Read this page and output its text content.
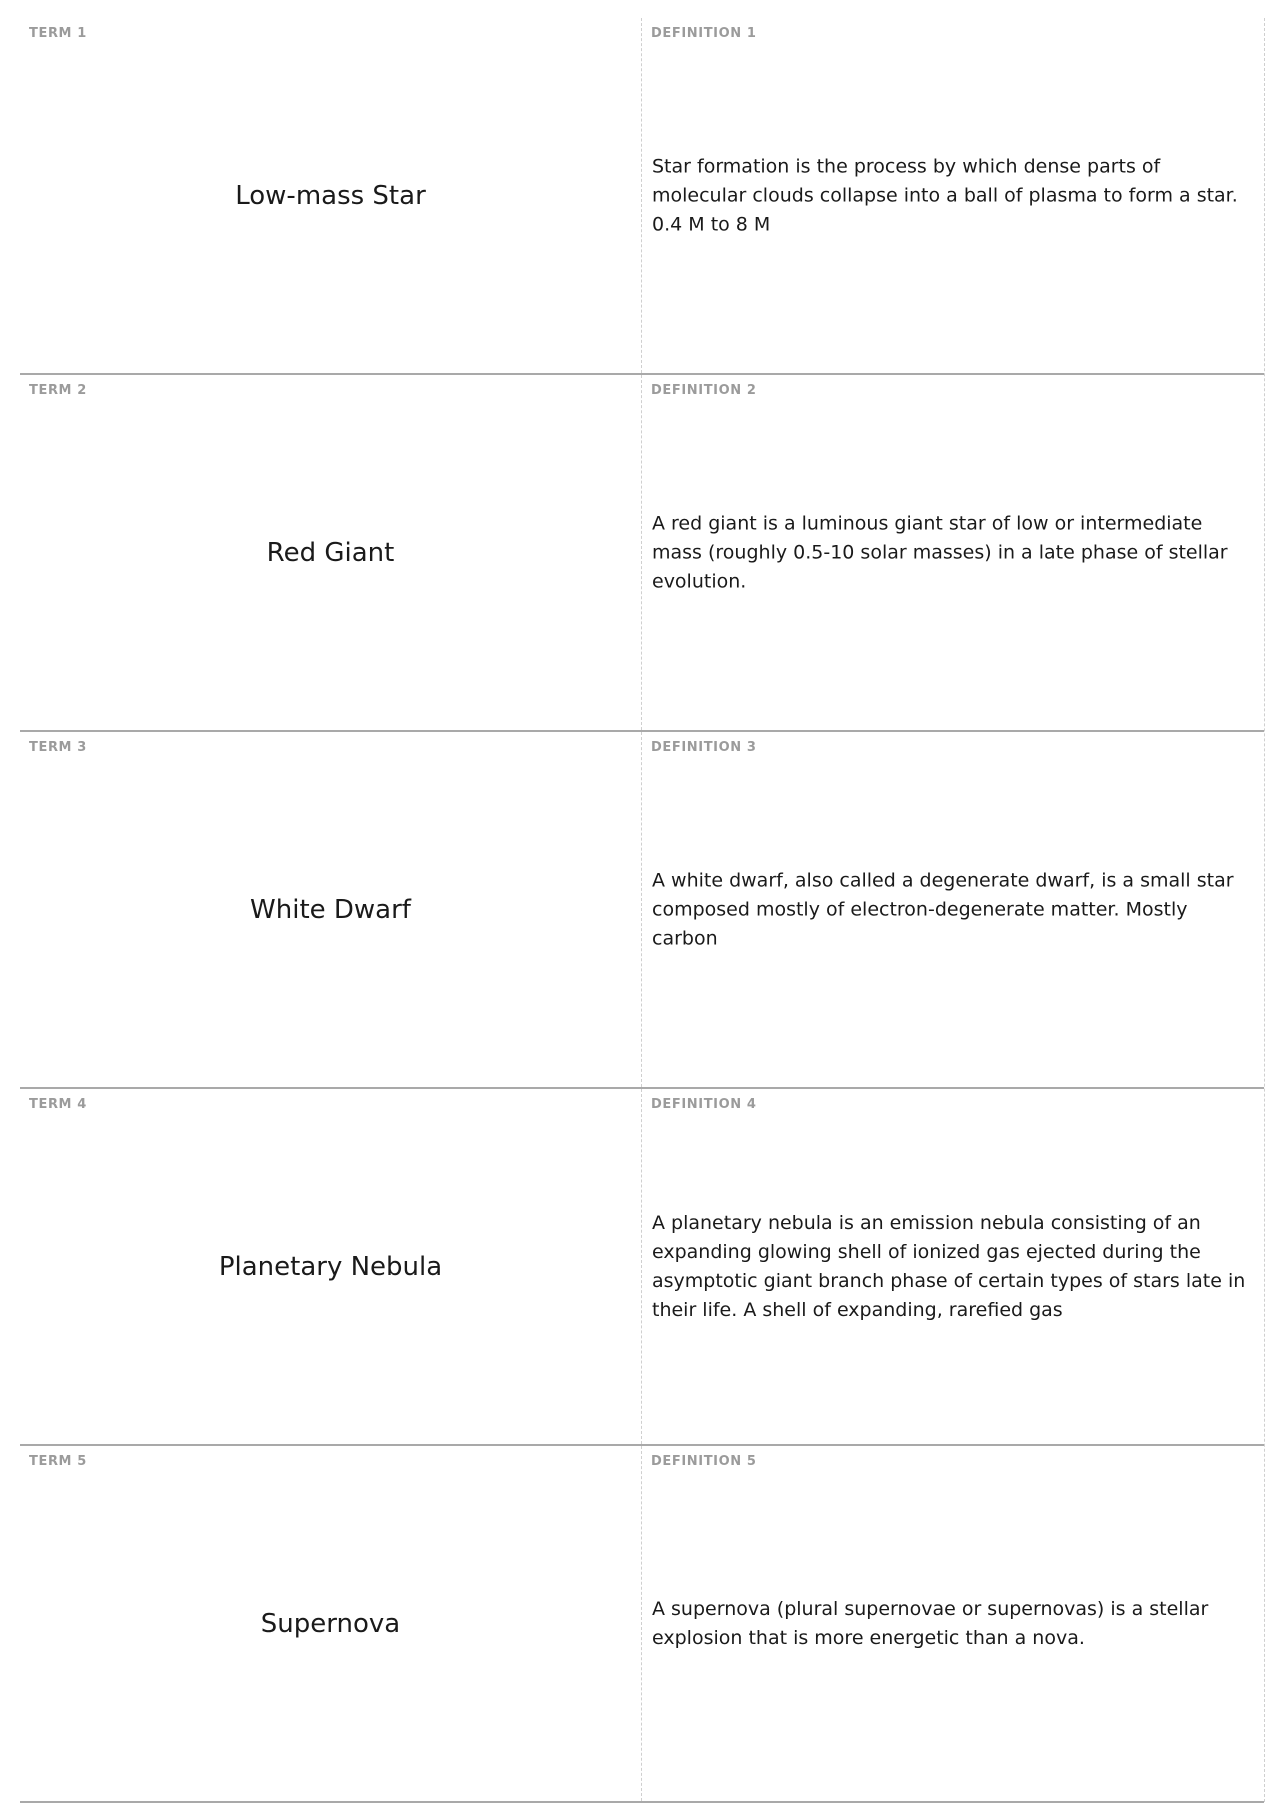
TERM 1
Low-mass Star
DEFINITION 1
Star formation is the process by which dense parts of molecular clouds collapse into a ball of plasma to form a star. 0.4 M to 8 M
TERM 2
Red Giant
DEFINITION 2
A red giant is a luminous giant star of low or intermediate mass (roughly 0.5-10 solar masses) in a late phase of stellar evolution.
TERM 3
White Dwarf
DEFINITION 3
A white dwarf, also called a degenerate dwarf, is a small star composed mostly of electron-degenerate matter. Mostly carbon
TERM 4
Planetary Nebula
DEFINITION 4
A planetary nebula is an emission nebula consisting of an expanding glowing shell of ionized gas ejected during the asymptotic giant branch phase of certain types of stars late in their life. A shell of expanding, rarefied gas
TERM 5
Supernova
DEFINITION 5
A supernova (plural supernovae or supernovas) is a stellar explosion that is more energetic than a nova.
